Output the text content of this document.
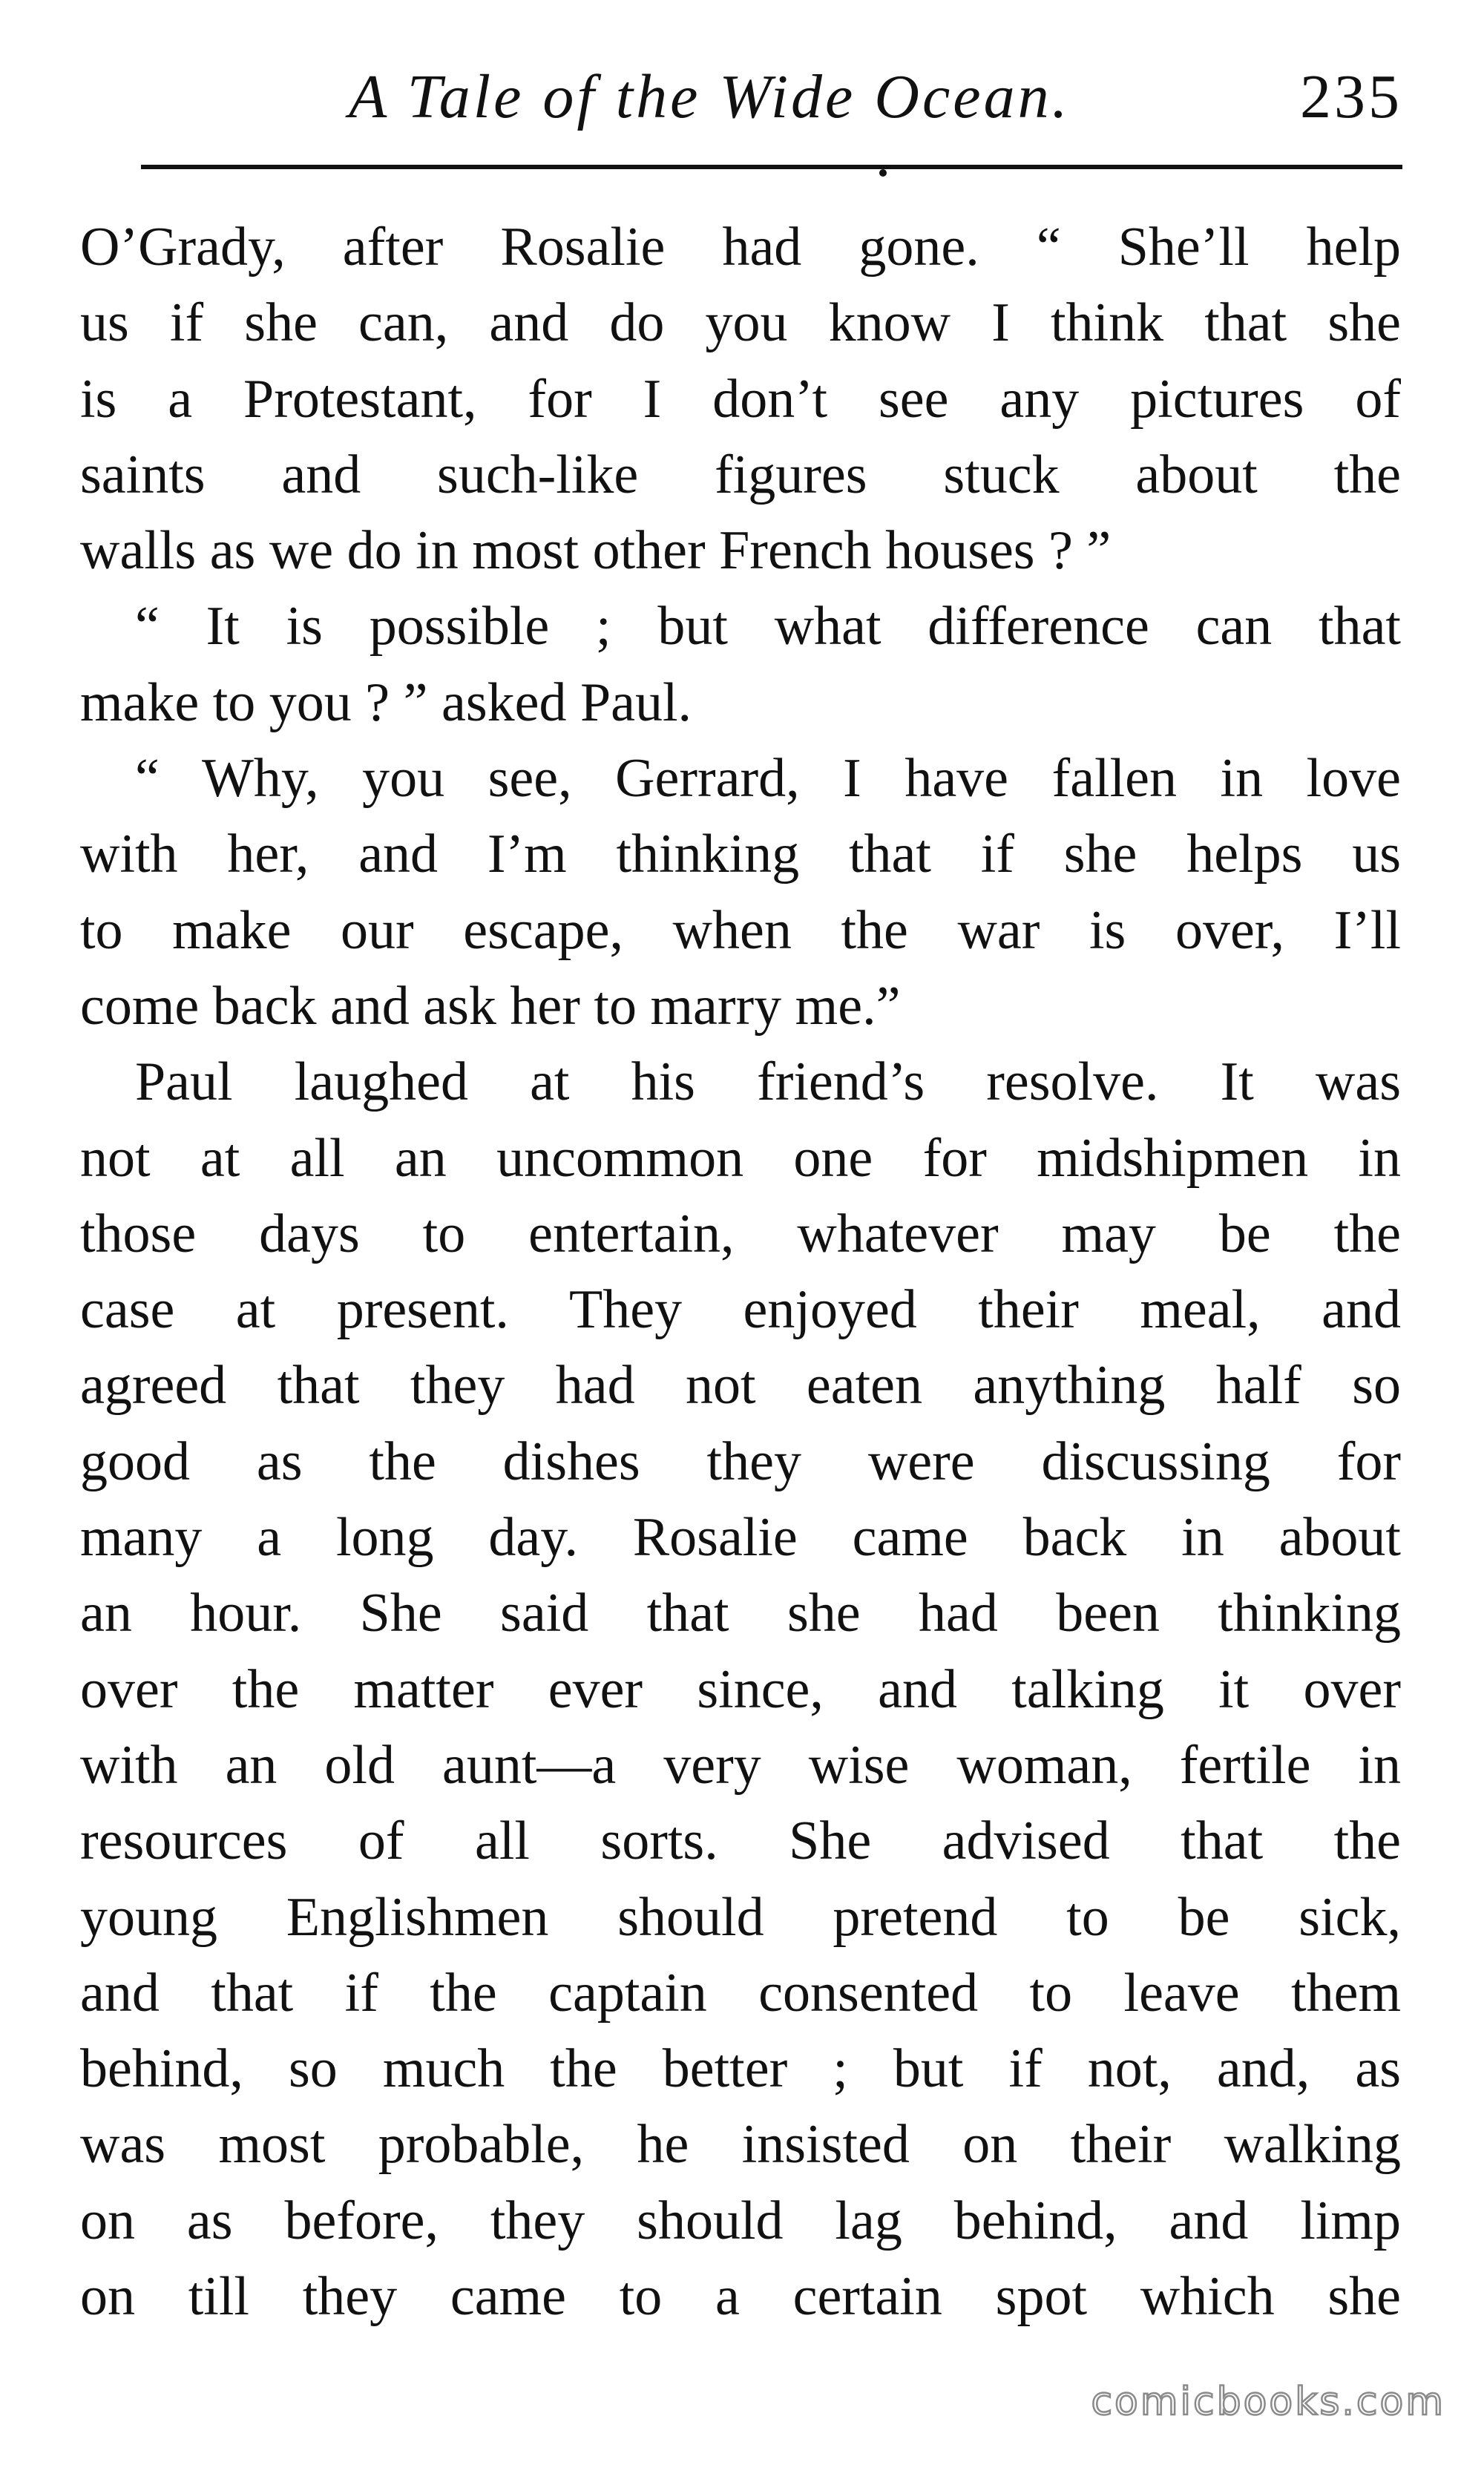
A Tale of the Wide Ocean.	235
O’Grady, after Rosalie had gone. “ She’ll help
us if she can, and do you know I think that she
is a Protestant, for I don’t see any pictures of
saints and such-like figures stuck about the
walls as we do in most other French houses ? ”
“ It is possible ; but what difference can that
make to you ? ” asked Paul.
“ Why, you see, Gerrard, I have fallen in love
with her, and I’m thinking that if she helps us
to make our escape, when the war is over, I’ll
come back and ask her to marry me.”
Paul laughed at his friend’s resolve. It was
not at all an uncommon one for midshipmen in
those days to entertain, whatever may be the
case at present. They enjoyed their meal, and
agreed that they had not eaten anything half so
good as the dishes they were discussing for
many a long day. Rosalie came back in about
an hour. She said that she had been thinking
over the matter ever since, and talking it over
with an old aunt—a very wise woman, fertile in
resources of all sorts. She advised that the
young Englishmen should pretend to be sick,
and that if the captain consented to leave them
behind, so much the better ; but if not, and, as
was most probable, he insisted on their walking
on as before, they should lag behind, and limp
on till they came to a certain spot which she
comicbooks.com
